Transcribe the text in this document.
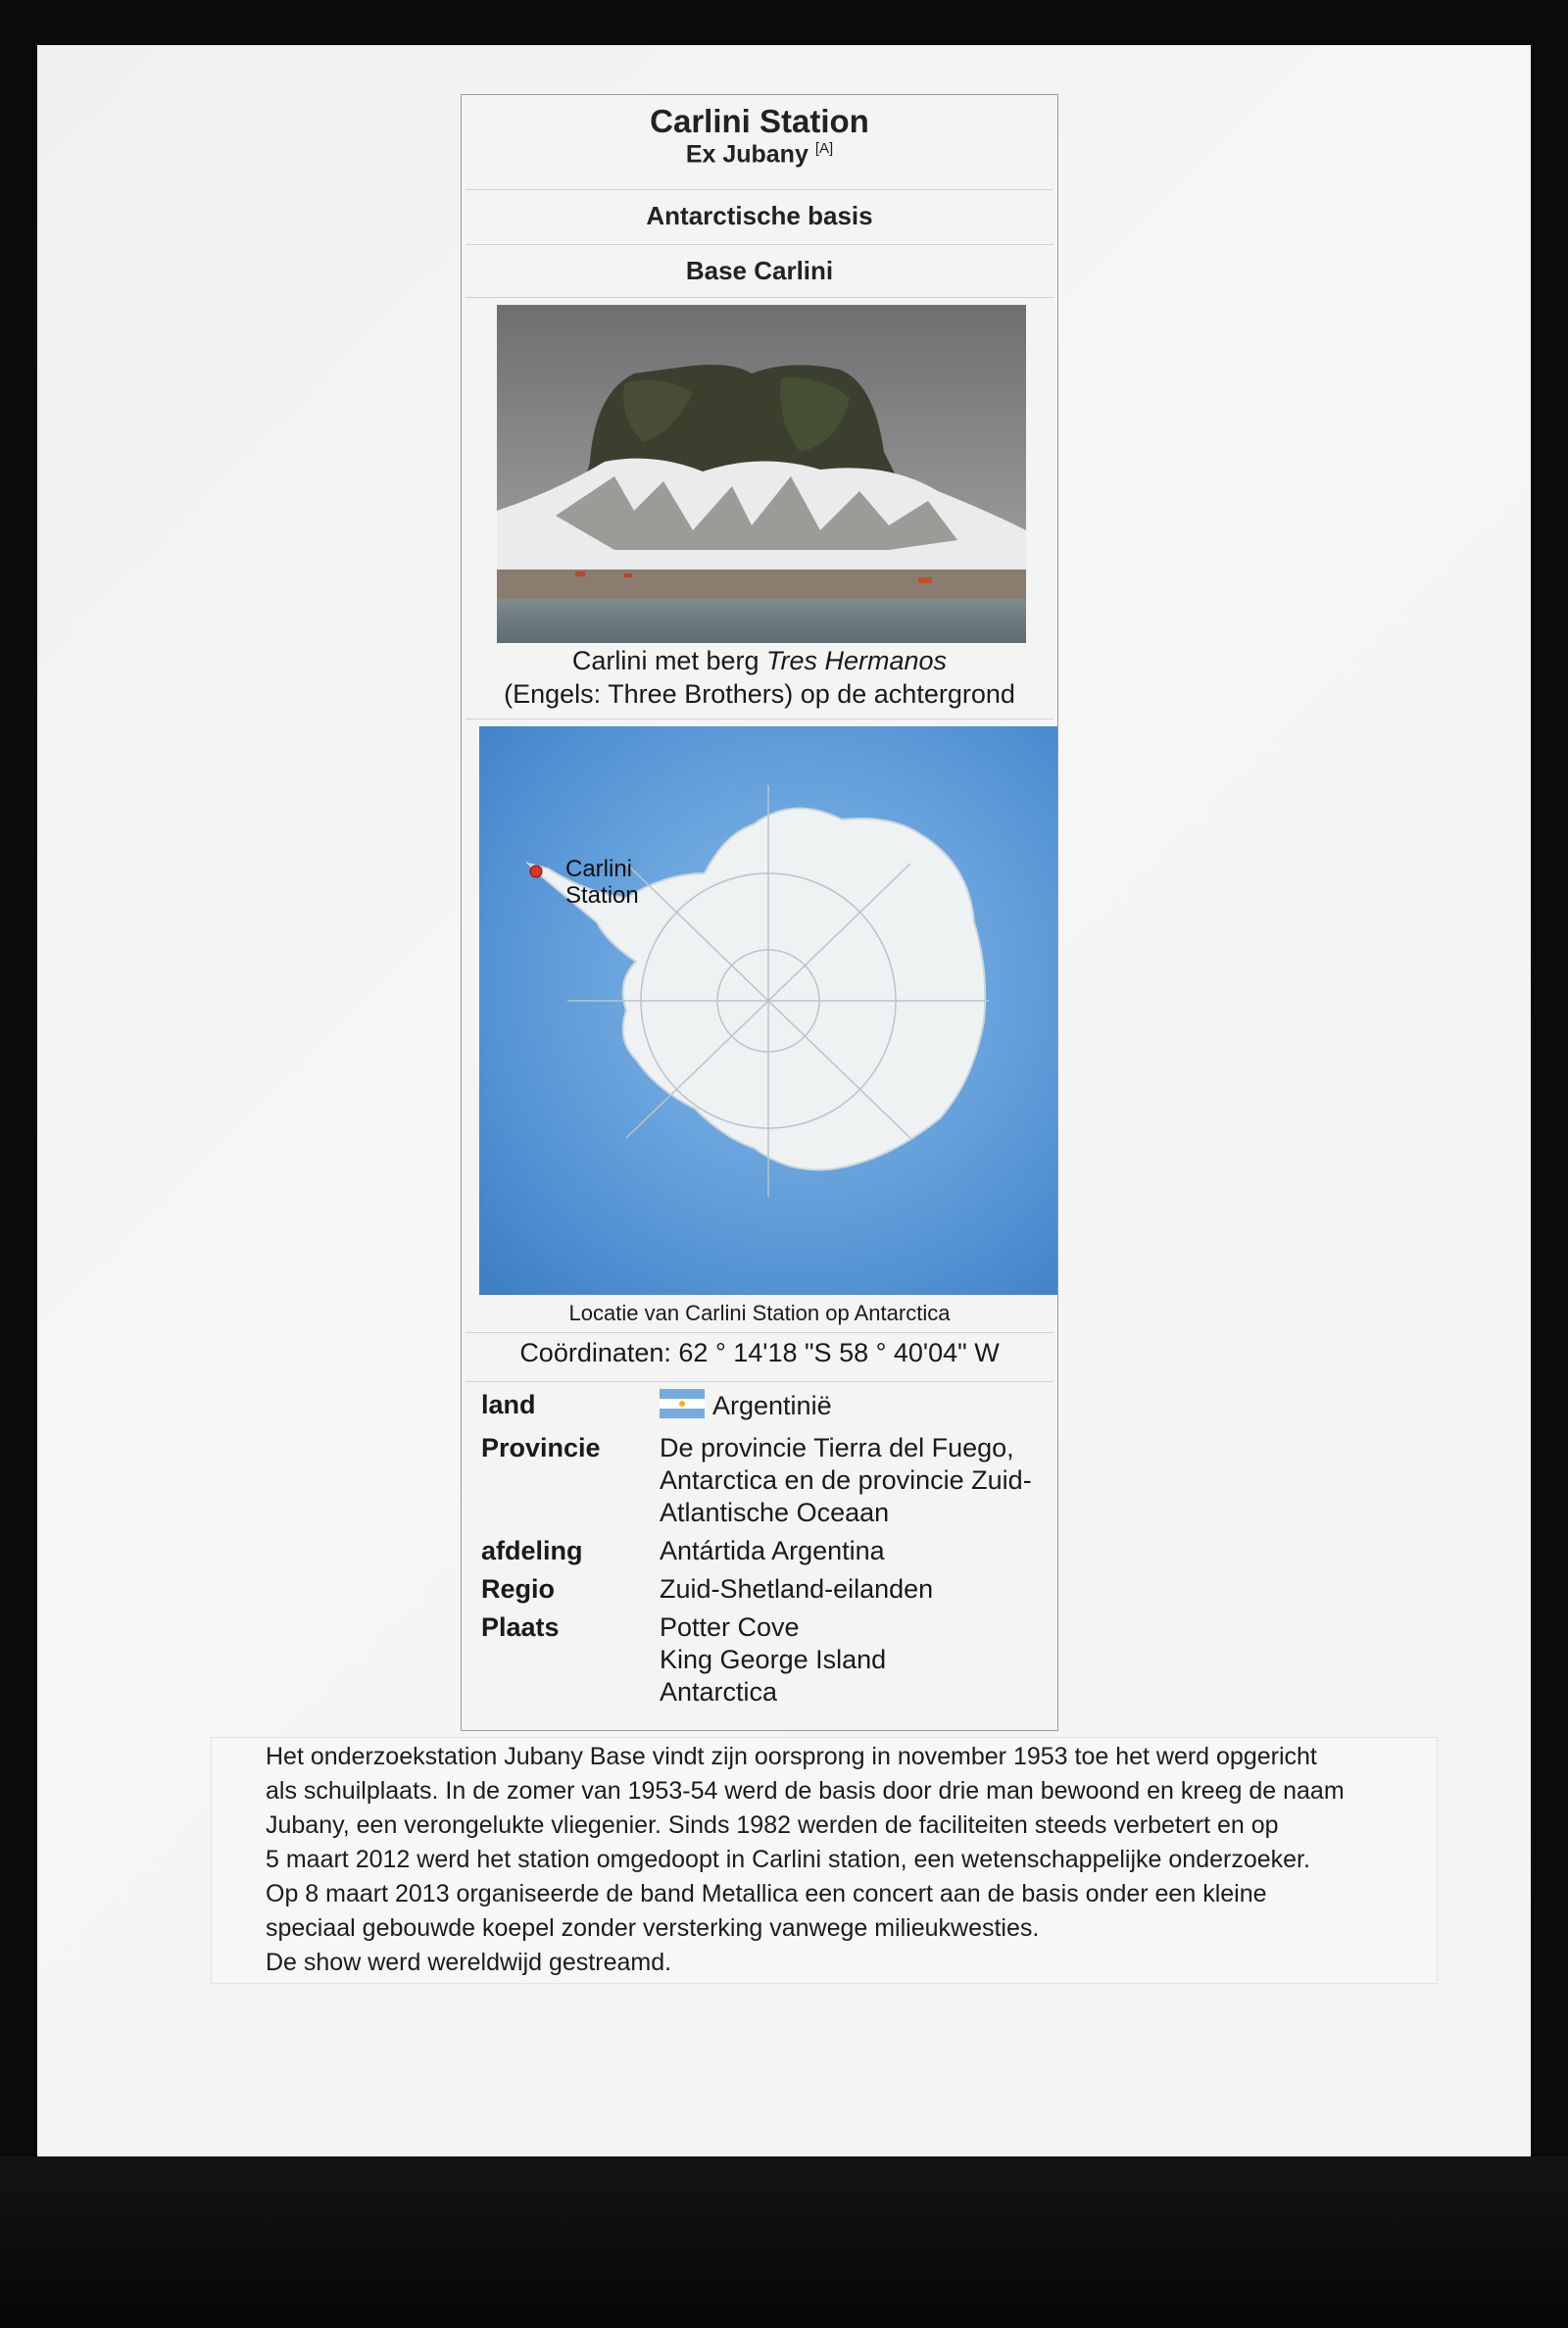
Carlini Station
Ex Jubany [A]
Antarctische basis
Base Carlini
Carlini met berg Tres Hermanos
(Engels: Three Brothers) op de achtergrond
Carlini
Station
Locatie van Carlini Station op Antarctica
Coördinaten: 62 ° 14'18 "S 58 ° 40'04" W
land	Argentinië
Provincie	De provincie Tierra del Fuego,
Antarctica en de provincie Zuid-
Atlantische Oceaan
afdeling	Antártida Argentina
Regio	Zuid-Shetland-eilanden
Plaats	Potter Cove
King George Island
Antarctica
Het onderzoekstation Jubany Base vindt zijn oorsprong in november 1953 toe het werd opgericht
als schuilplaats. In de zomer van 1953-54 werd de basis door drie man bewoond en kreeg de naam
Jubany, een verongelukte vliegenier. Sinds 1982 werden de faciliteiten steeds verbetert en op
5 maart 2012 werd het station omgedoopt in Carlini station, een wetenschappelijke onderzoeker.
Op 8 maart 2013 organiseerde de band Metallica een concert aan de basis onder een kleine
speciaal gebouwde koepel zonder versterking vanwege milieukwesties.
De show werd wereldwijd gestreamd.
